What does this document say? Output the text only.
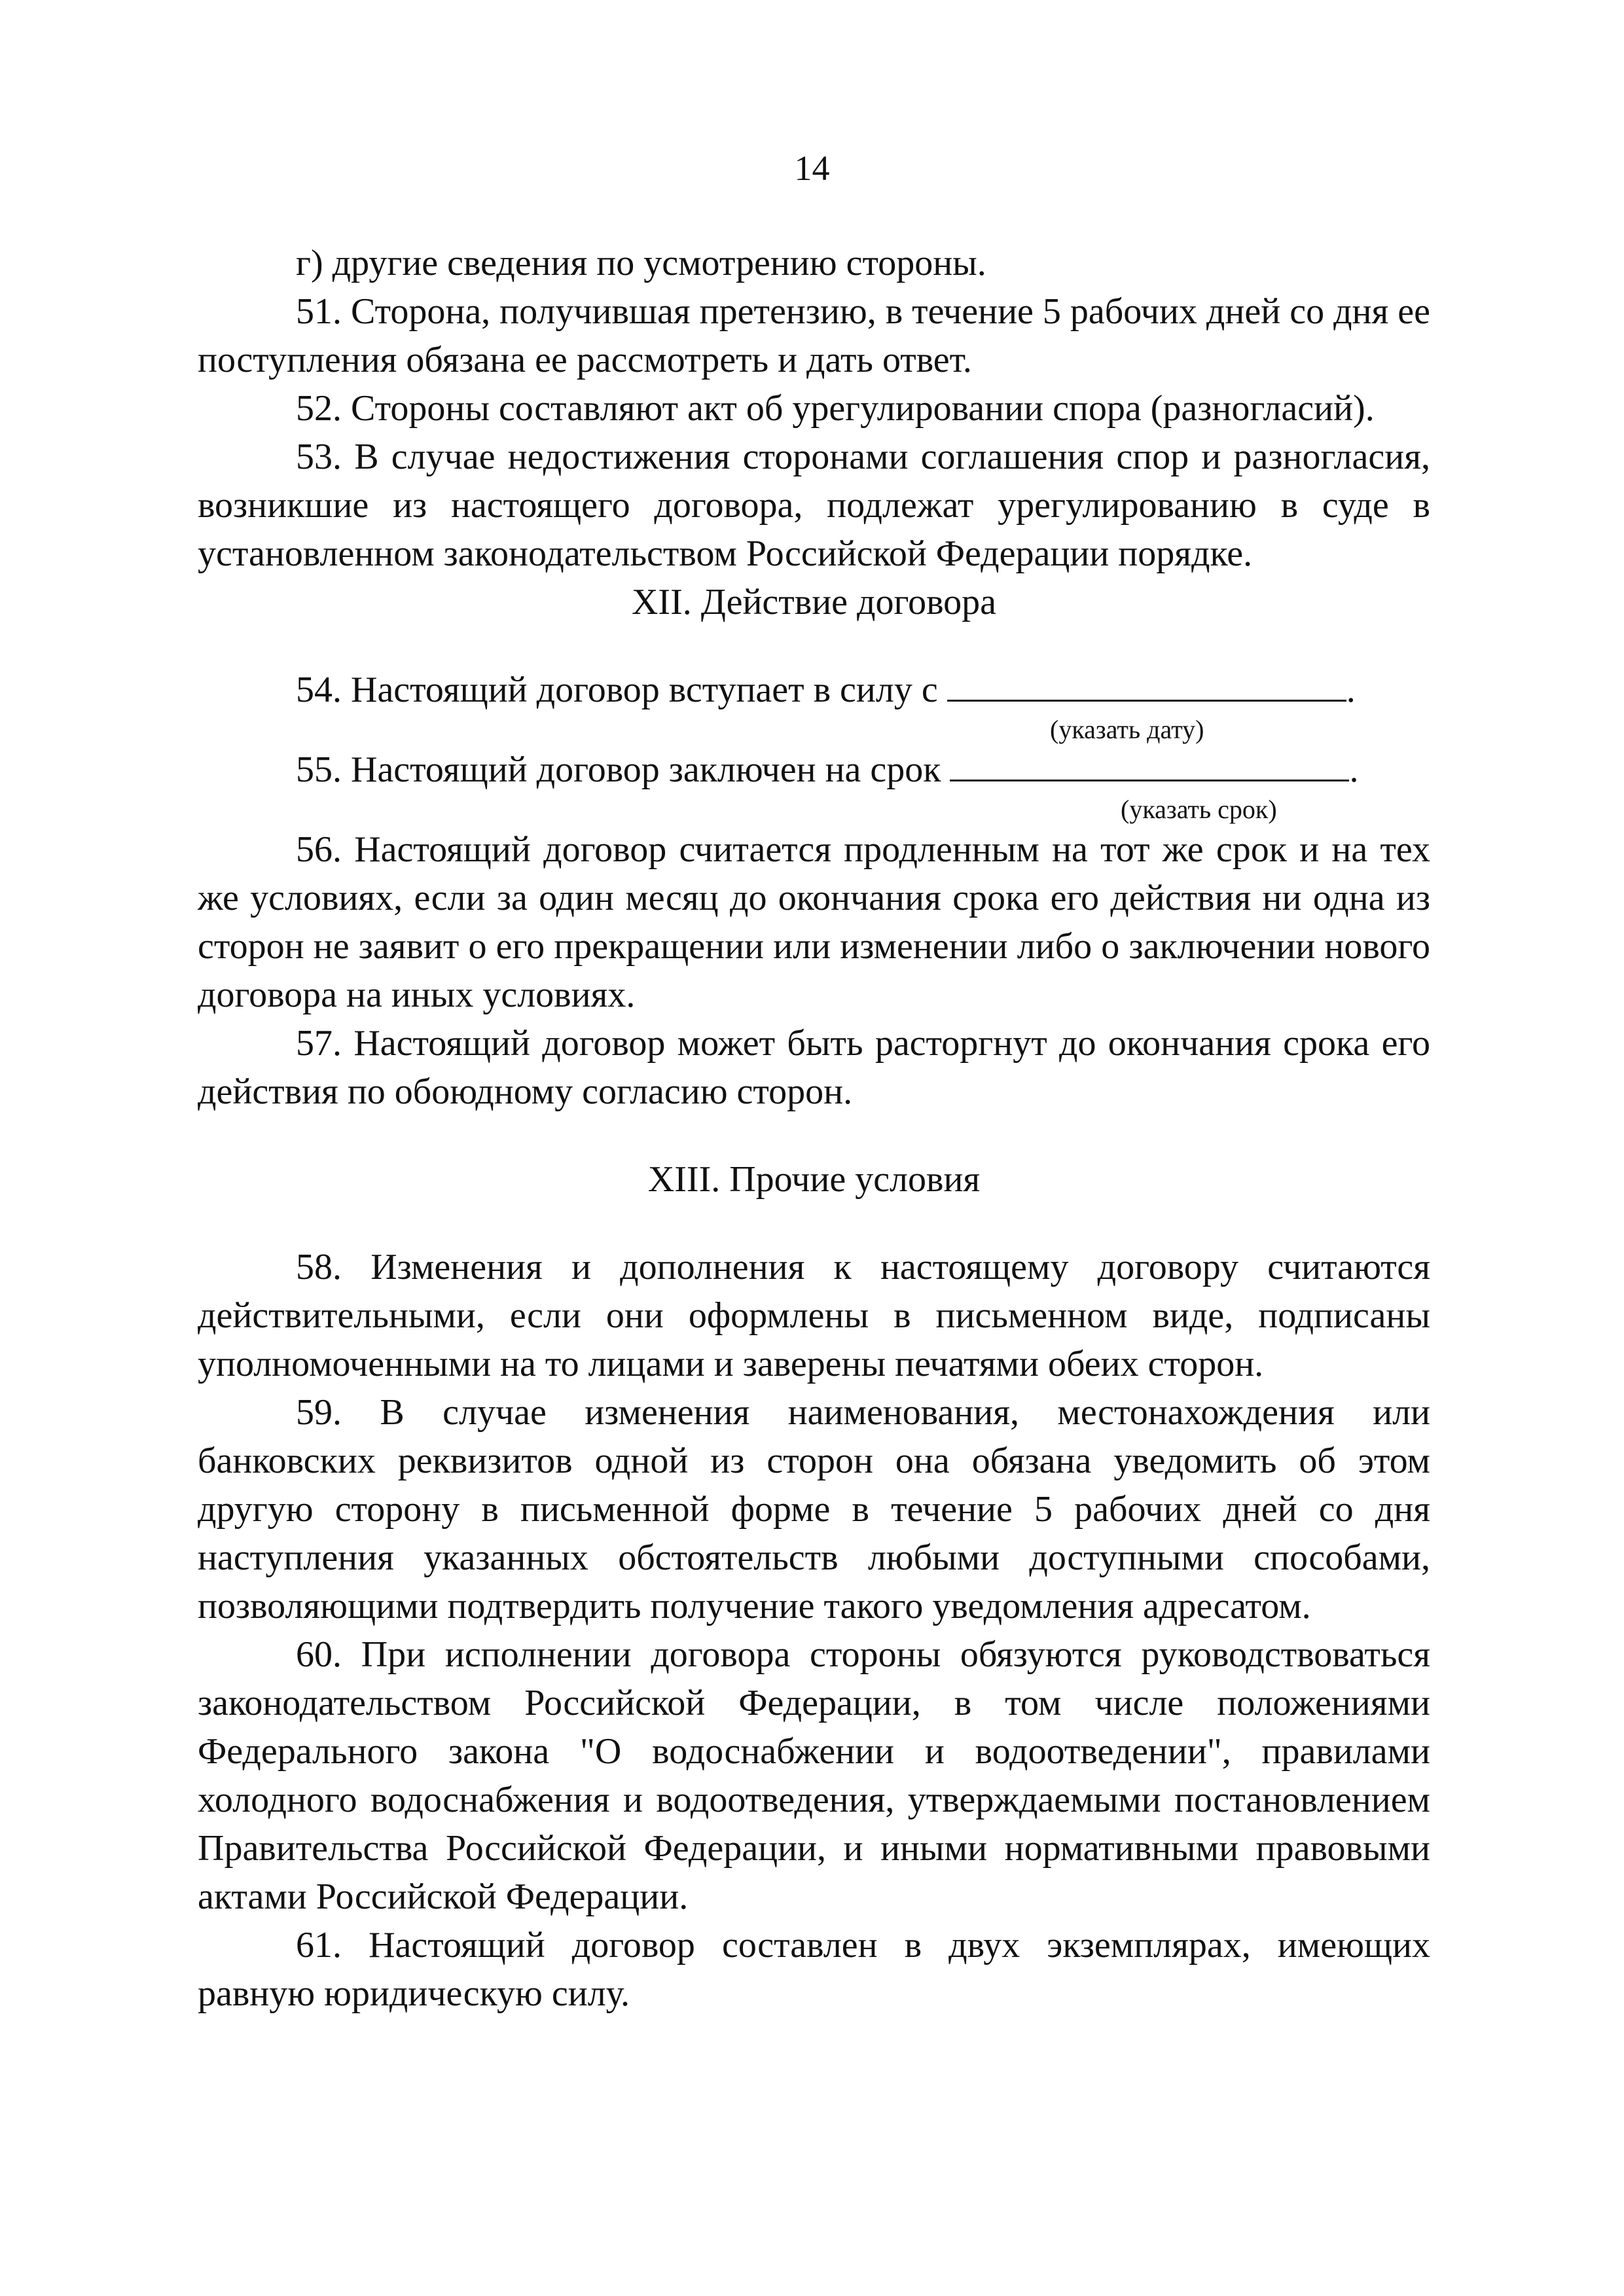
14

г) другие сведения по усмотрению стороны.

51. Сторона, получившая претензию, в течение 5 рабочих дней со дня ее поступления обязана ее рассмотреть и дать ответ.

52. Стороны составляют акт об урегулировании спора (разногласий).

53. В случае недостижения сторонами соглашения спор и разногласия, возникшие из настоящего договора, подлежат урегулированию в суде в установленном законодательством Российской Федерации порядке.

XII. Действие договора

54. Настоящий договор вступает в силу с	.

(указать дату)

55. Настоящий договор заключен на срок	.

(указать срок)

56. Настоящий договор считается продленным на тот же срок и на тех же условиях, если за один месяц до окончания срока его действия ни одна из сторон не заявит о его прекращении или изменении либо о заключении нового договора на иных условиях.

57. Настоящий договор может быть расторгнут до окончания срока его действия по обоюдному согласию сторон.

XIII. Прочие условия

58. Изменения и дополнения к настоящему договору считаются действительными, если они оформлены в письменном виде, подписаны уполномоченными на то лицами и заверены печатями обеих сторон.

59. В случае изменения наименования, местонахождения или банковских реквизитов одной из сторон она обязана уведомить об этом другую сторону в письменной форме в течение 5 рабочих дней со дня наступления указанных обстоятельств любыми доступными способами, позволяющими подтвердить получение такого уведомления адресатом.

60. При исполнении договора стороны обязуются руководствоваться законодательством Российской Федерации, в том числе положениями Федерального закона "О водоснабжении и водоотведении", правилами холодного водоснабжения и водоотведения, утверждаемыми постановлением Правительства Российской Федерации, и иными нормативными правовыми актами Российской Федерации.

61. Настоящий договор составлен в двух экземплярах, имеющих равную юридическую силу.
